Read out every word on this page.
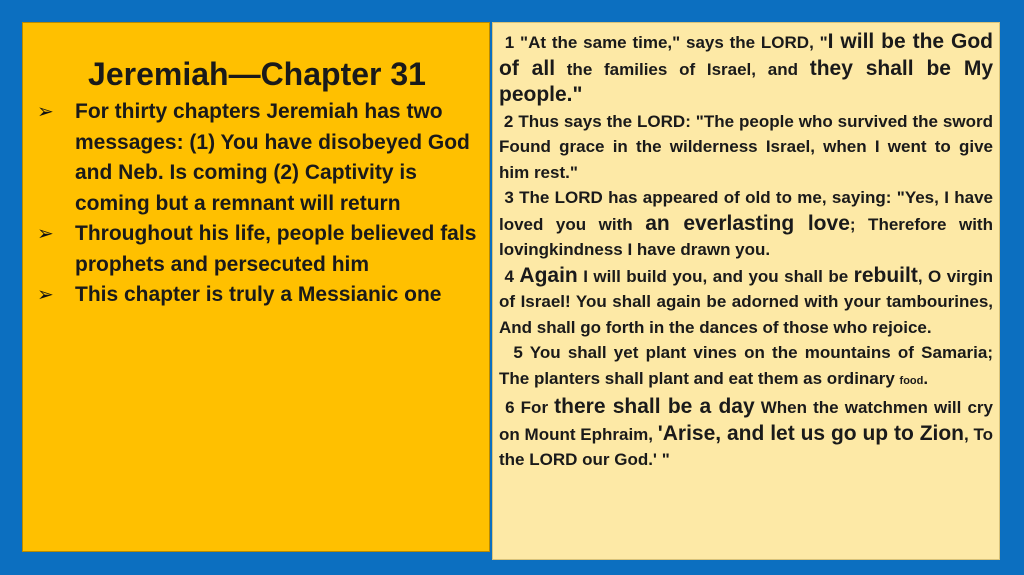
Jeremiah—Chapter 31
➢ For thirty chapters Jeremiah has two messages: (1) You have disobeyed God and Neb. Is coming (2) Captivity is coming but a remnant will return
➢ Throughout his life, people believed fals prophets and persecuted him
➢ This chapter is truly a Messianic one

1 "At the same time," says the LORD, "I will be the God of all the families of Israel, and they shall be My people."

2 Thus says the LORD: "The people who survived the sword Found grace in the wilderness Israel, when I went to give him rest."

3 The LORD has appeared of old to me, saying: "Yes, I have loved you with an everlasting love; Therefore with lovingkindness I have drawn you.

4 Again I will build you, and you shall be rebuilt, O virgin of Israel! You shall again be adorned with your tambourines, And shall go forth in the dances of those who rejoice.

5 You shall yet plant vines on the mountains of Samaria; The planters shall plant and eat them as ordinary food.

6 For there shall be a day When the watchmen will cry on Mount Ephraim, 'Arise, and let us go up to Zion, To the LORD our God.' "
